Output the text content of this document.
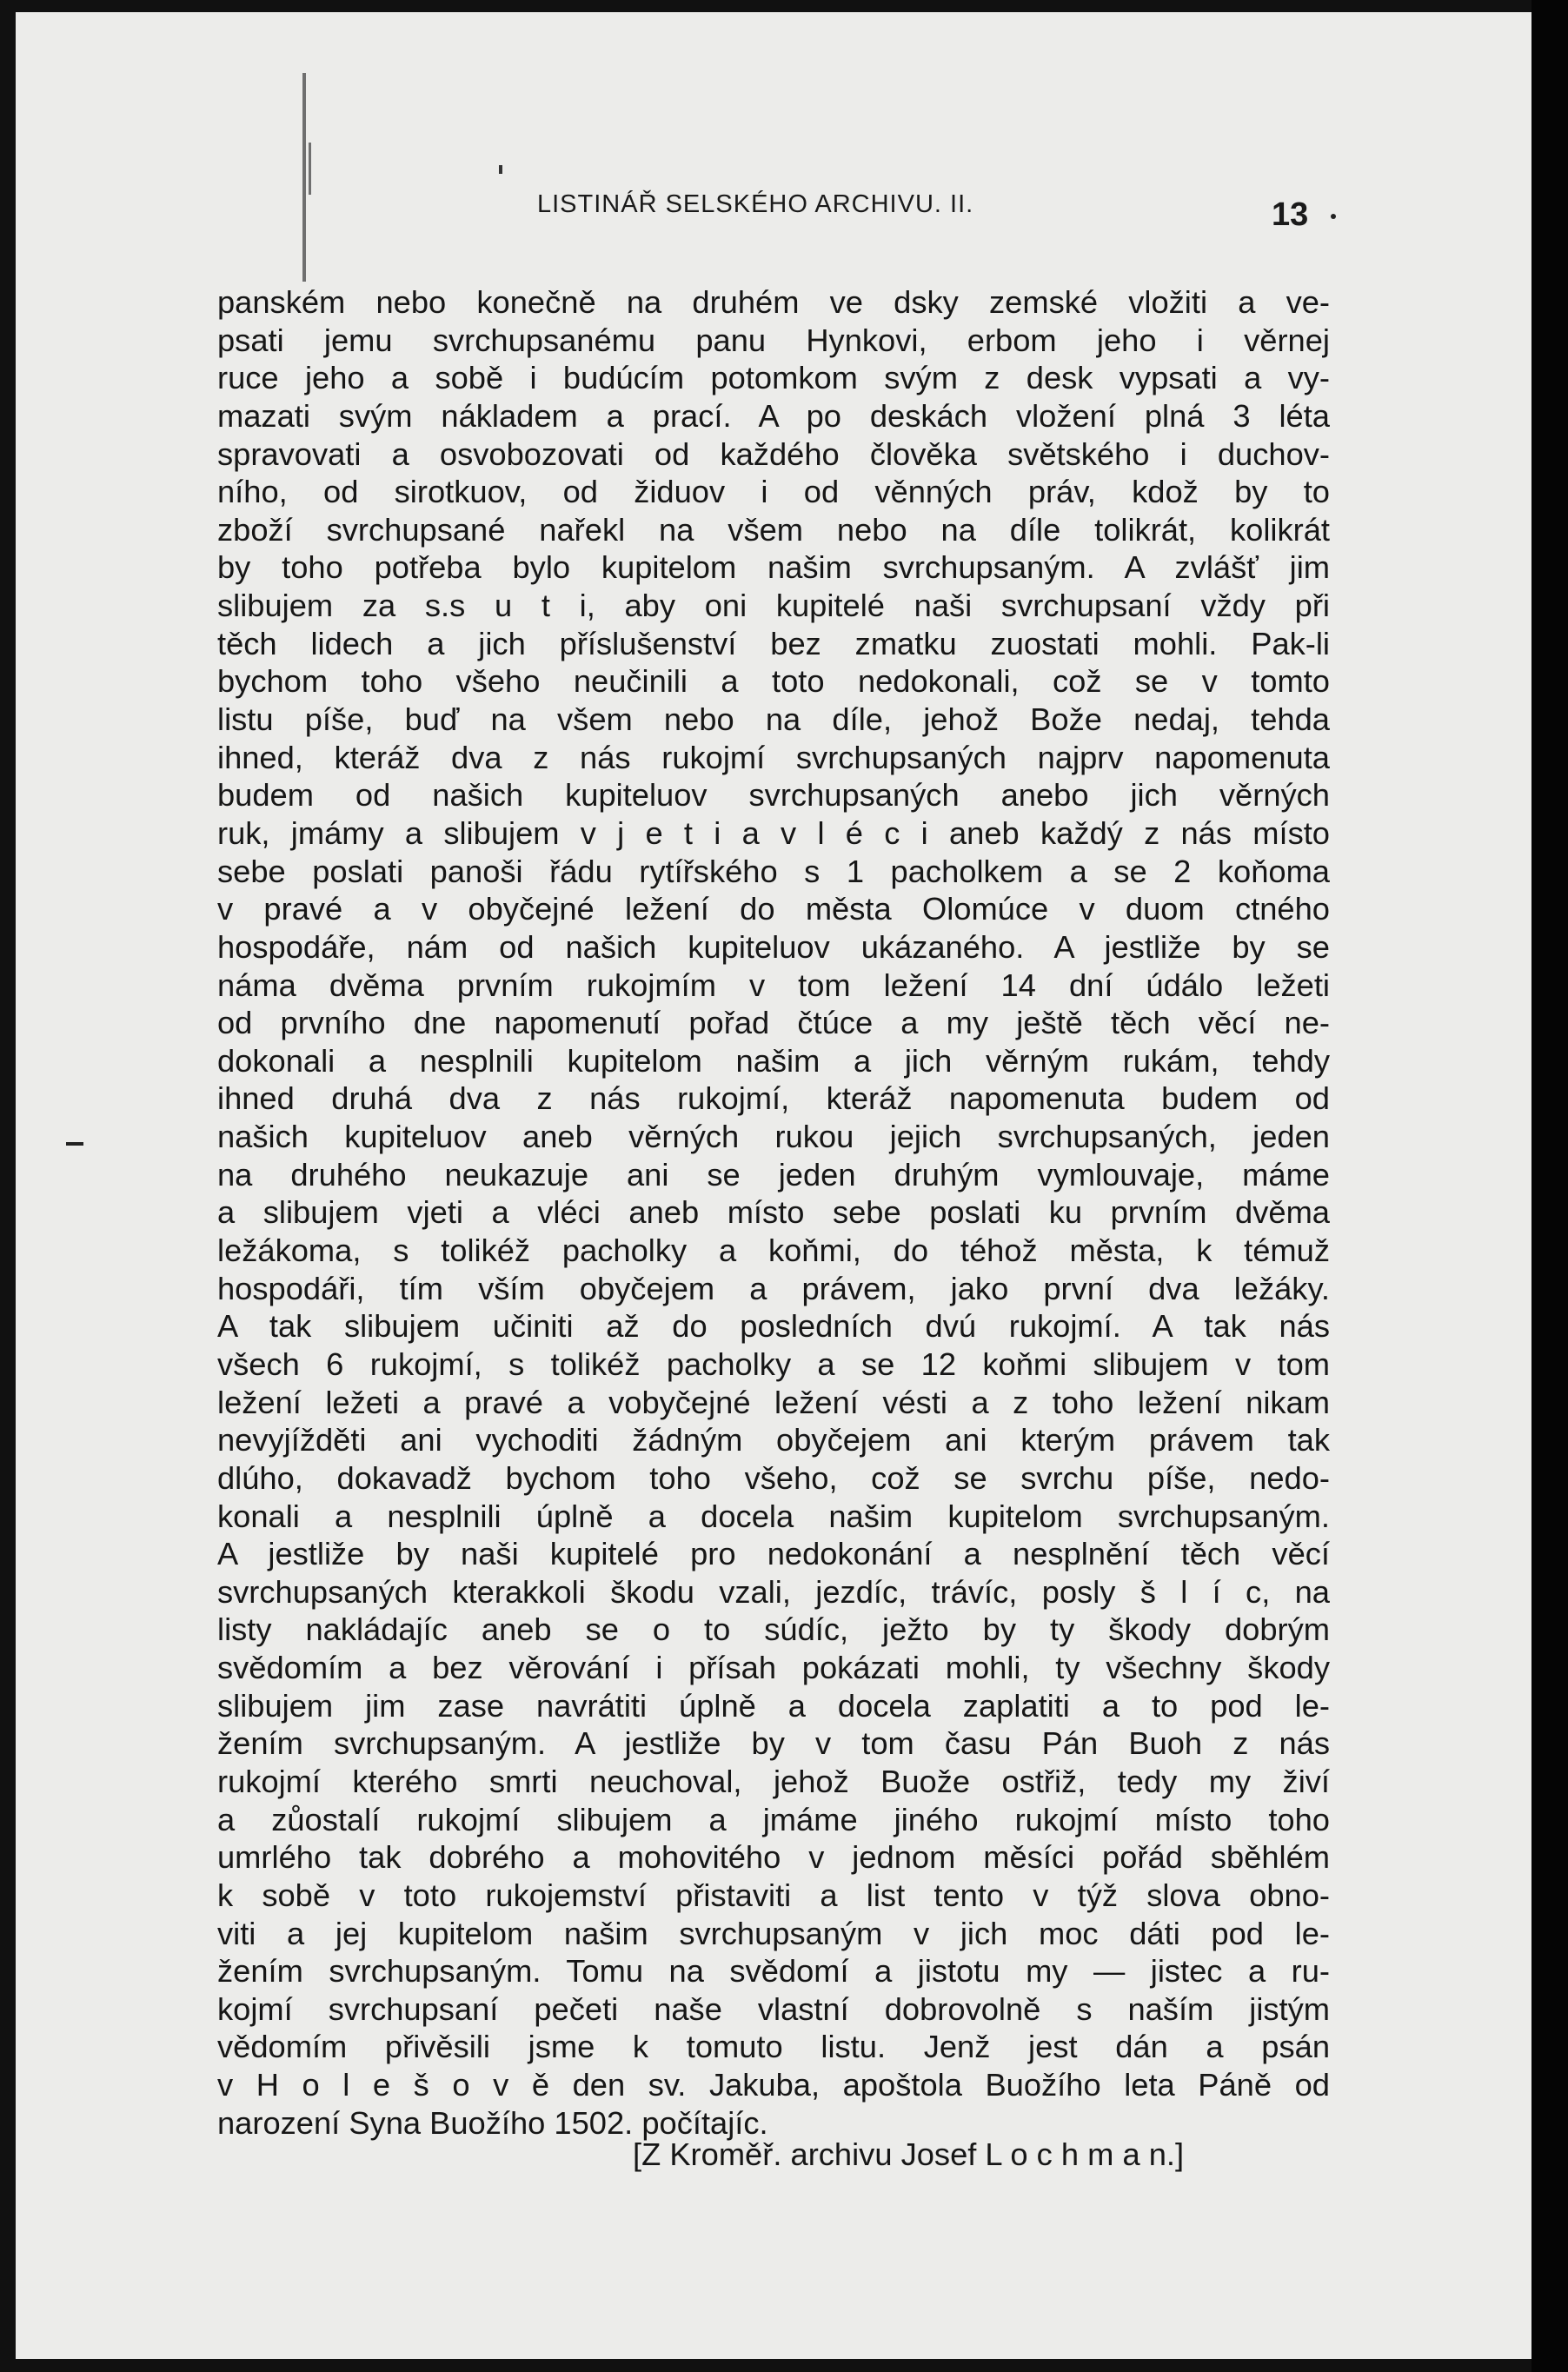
LISTINÁŘ SELSKÉHO ARCHIVU. II.	13
panském nebo konečně na druhém ve dsky zemské vložiti a ve-
psati jemu svrchupsanému panu Hynkovi, erbom jeho i věrnej
ruce jeho a sobě i budúcím potomkom svým z desk vypsati a vy-
mazati svým nákladem a prací. A po deskách vložení plná 3 léta
spravovati a osvobozovati od každého člověka světského i duchov-
ního, od sirotkuov, od židuov i od věnných práv, kdož by to
zboží svrchupsané nařekl na všem nebo na díle tolikrát, kolikrát
by toho potřeba bylo kupitelom našim svrchupsaným. A zvlášť jim
slibujem za s.s u t i, aby oni kupitelé naši svrchupsaní vždy při
těch lidech a jich příslušenství bez zmatku zuostati mohli. Pak-li
bychom toho všeho neučinili a toto nedokonali, což se v tomto
listu píše, buď na všem nebo na díle, jehož Bože nedaj, tehda
ihned, kteráž dva z nás rukojmí svrchupsaných najprv napomenuta
budem od našich kupiteluov svrchupsaných anebo jich věrných
ruk, jmámy a slibujem v j e t i a v l é c i aneb každý z nás místo
sebe poslati panoši řádu rytířského s 1 pacholkem a se 2 koňoma
v pravé a v obyčejné ležení do města Olomúce v duom ctného
hospodáře, nám od našich kupiteluov ukázaného. A jestliže by se
náma dvěma prvním rukojmím v tom ležení 14 dní údálo ležeti
od prvního dne napomenutí pořad čtúce a my ještě těch věcí ne-
dokonali a nesplnili kupitelom našim a jich věrným rukám, tehdy
ihned druhá dva z nás rukojmí, kteráž napomenuta budem od
našich kupiteluov aneb věrných rukou jejich svrchupsaných, jeden
na druhého neukazuje ani se jeden druhým vymlouvaje, máme
a slibujem vjeti a vléci aneb místo sebe poslati ku prvním dvěma
ležákoma, s tolikéž pacholky a koňmi, do téhož města, k témuž
hospodáři, tím vším obyčejem a právem, jako první dva ležáky.
A tak slibujem učiniti až do posledních dvú rukojmí. A tak nás
všech 6 rukojmí, s tolikéž pacholky a se 12 koňmi slibujem v tom
ležení ležeti a pravé a vobyčejné ležení vésti a z toho ležení nikam
nevyjížděti ani vychoditi žádným obyčejem ani kterým právem tak
dlúho, dokavadž bychom toho všeho, což se svrchu píše, nedo-
konali a nesplnili úplně a docela našim kupitelom svrchupsaným.
A jestliže by naši kupitelé pro nedokonání a nesplnění těch věcí
svrchupsaných kterakkoli škodu vzali, jezdíc, trávíc, posly š l í c, na
listy nakládajíc aneb se o to súdíc, ježto by ty škody dobrým
svědomím a bez věrování i přísah pokázati mohli, ty všechny škody
slibujem jim zase navrátiti úplně a docela zaplatiti a to pod le-
žením svrchupsaným. A jestliže by v tom času Pán Buoh z nás
rukojmí kterého smrti neuchoval, jehož Buože ostřiž, tedy my živí
a zůostalí rukojmí slibujem a jmáme jiného rukojmí místo toho
umrlého tak dobrého a mohovitého v jednom měsíci pořád sběhlém
k sobě v toto rukojemství přistaviti a list tento v týž slova obno-
viti a jej kupitelom našim svrchupsaným v jich moc dáti pod le-
žením svrchupsaným. Tomu na svědomí a jistotu my — jistec a ru-
kojmí svrchupsaní pečeti naše vlastní dobrovolně s naším jistým
vědomím přivěsili jsme k tomuto listu. Jenž jest dán a psán
v H o l e š o v ě den sv. Jakuba, apoštola Buožího leta Páně od
narození Syna Buožího 1502. počítajíc.
[Z Kroměř. archivu Josef L o c h m a n.]
